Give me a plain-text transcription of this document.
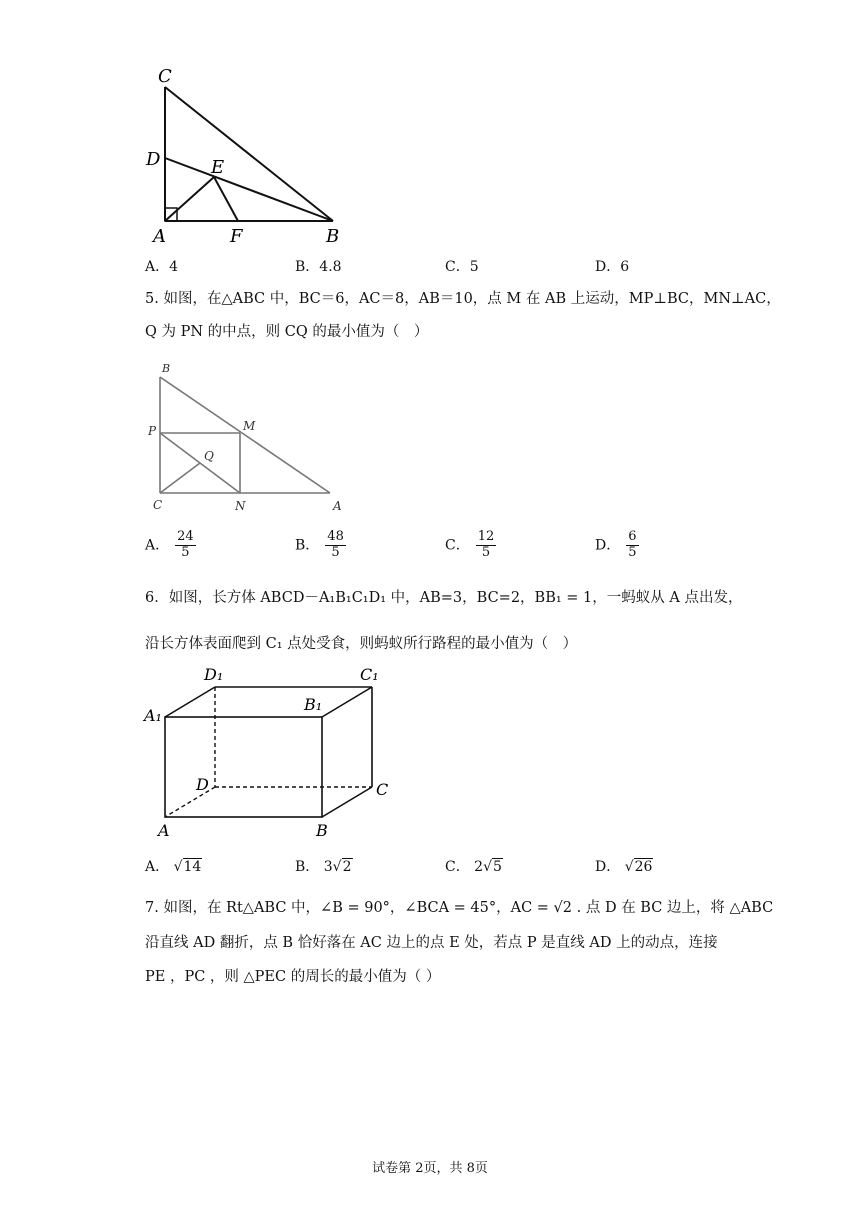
C
D	E
A	F	B
A．4	B．4.8	C．5	D．6
5. 如图，在△ABC 中，BC＝6，AC＝8，AB＝10，点 M 在 AB 上运动，MP⊥BC，MN⊥AC，
Q 为 PN 的中点，则 CQ 的最小值为（　）
B
M
P
Q
C	N	A
A． $\frac{24}{5}$	B． $\frac{48}{5}$	C． $\frac{12}{5}$	D． $\frac{6}{5}$
6．如图，长方体 ABCD－A₁B₁C₁D₁ 中，AB=3，BC=2，BB₁ = 1，一蚂蚁从 A 点出发，
沿长方体表面爬到 C₁ 点处受食，则蚂蚁所行路程的最小值为（　）
D₁	C₁
A₁
B₁
D	C
A	B
A． √14	B． 3√2	C． 2√5	D． √26
7. 如图，在 Rt△ABC 中，∠B = 90°，∠BCA = 45°，AC = √2 . 点 D 在 BC 边上，将 △ABC
沿直线 AD 翻折，点 B 恰好落在 AC 边上的点 E 处，若点 P 是直线 AD 上的动点，连接
PE ，PC ，则 △PEC 的周长的最小值为（ ）
试卷第 2页，共 8页
